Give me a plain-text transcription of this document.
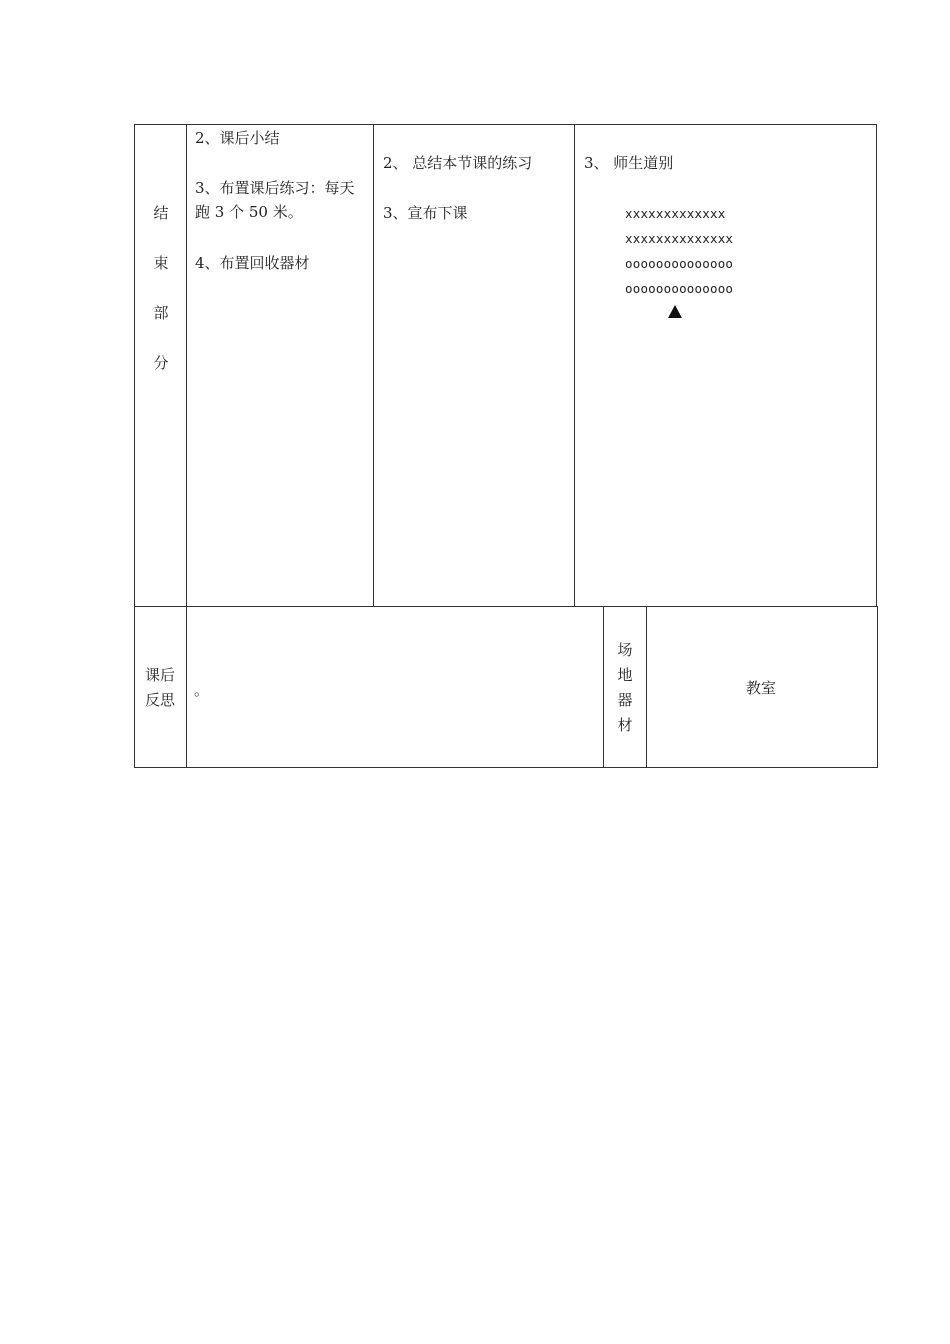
结
束
部
分
2、课后小结
3、布置课后练习：每天
跑 3 个 50 米。
4、布置回收器材
2、 总结本节课的练习
3、宣布下课
3、 师生道别
xxxxxxxxxxxxx
xxxxxxxxxxxxxx
oooooooooooooo
oooooooooooooo
课后
反思
。
场
地
器
材
教室
